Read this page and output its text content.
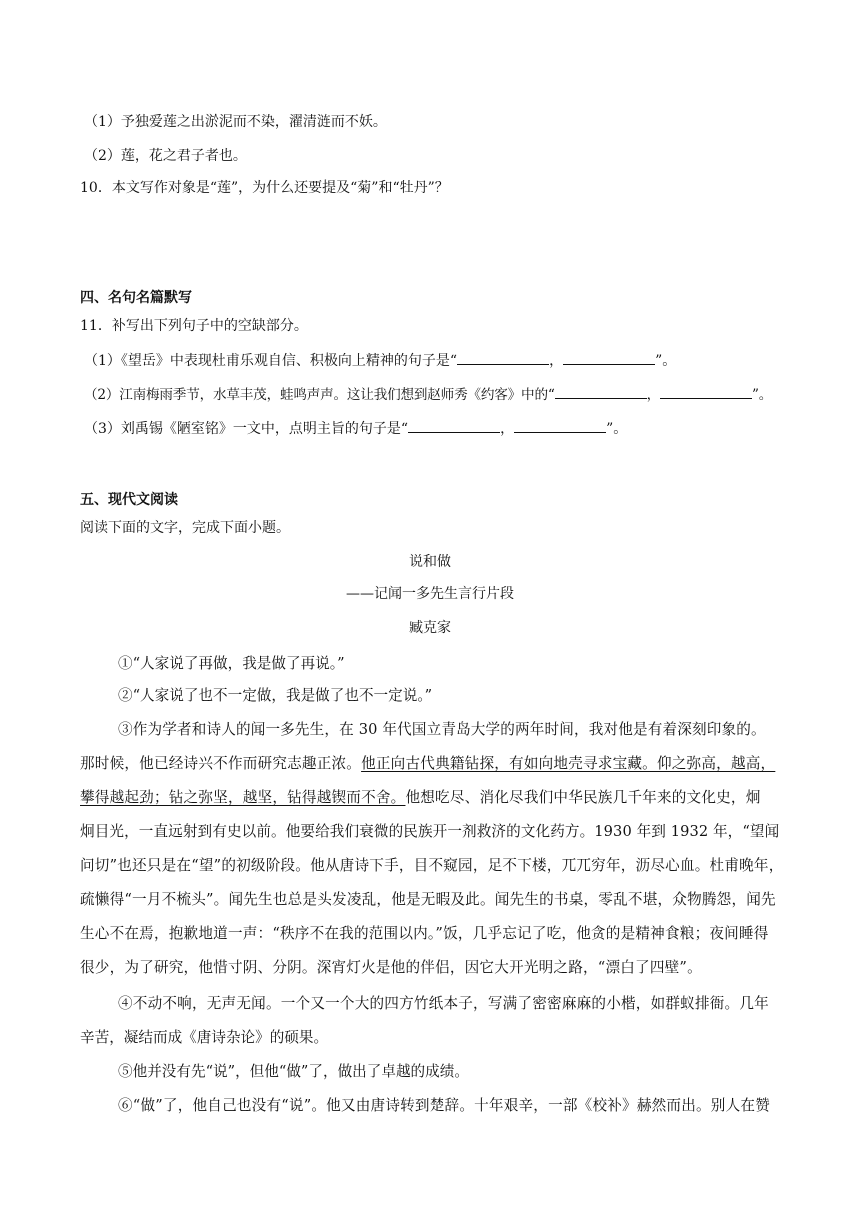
（1）予独爱莲之出淤泥而不染，濯清涟而不妖。
（2）莲，花之君子者也。
10．本文写作对象是“莲”，为什么还要提及“菊”和“牡丹”？
四、名句名篇默写
11．补写出下列句子中的空缺部分。
（1）《望岳》中表现杜甫乐观自信、积极向上精神的句子是“	，	”。
（2）江南梅雨季节，水草丰茂，蛙鸣声声。这让我们想到赵师秀《约客》中的“	，	”。
（3）刘禹锡《陋室铭》一文中，点明主旨的句子是“	，	”。
五、现代文阅读
阅读下面的文字，完成下面小题。
说和做
——记闻一多先生言行片段
臧克家
①“人家说了再做，我是做了再说。”
②“人家说了也不一定做，我是做了也不一定说。”
③作为学者和诗人的闻一多先生，在 30 年代国立青岛大学的两年时间，我对他是有着深刻印象的。
那时候，他已经诗兴不作而研究志趣正浓。他正向古代典籍钻探，有如向地壳寻求宝藏。仰之弥高，越高，
攀得越起劲；钻之弥坚，越坚，钻得越锲而不舍。他想吃尽、消化尽我们中华民族几千年来的文化史，炯
炯目光，一直远射到有史以前。他要给我们衰微的民族开一剂救济的文化药方。1930 年到 1932 年，“望闻
问切”也还只是在“望”的初级阶段。他从唐诗下手，目不窥园，足不下楼，兀兀穷年，沥尽心血。杜甫晚年，
疏懒得“一月不梳头”。闻先生也总是头发凌乱，他是无暇及此。闻先生的书桌，零乱不堪，众物腾怨，闻先
生心不在焉，抱歉地道一声：“秩序不在我的范围以内。”饭，几乎忘记了吃，他贪的是精神食粮；夜间睡得
很少，为了研究，他惜寸阴、分阴。深宵灯火是他的伴侣，因它大开光明之路，“漂白了四壁”。
④不动不响，无声无闻。一个又一个大的四方竹纸本子，写满了密密麻麻的小楷，如群蚁排衙。几年
辛苦，凝结而成《唐诗杂论》的硕果。
⑤他并没有先“说”，但他“做”了，做出了卓越的成绩。
⑥“做”了，他自己也没有“说”。他又由唐诗转到楚辞。十年艰辛，一部《校补》赫然而出。别人在赞
